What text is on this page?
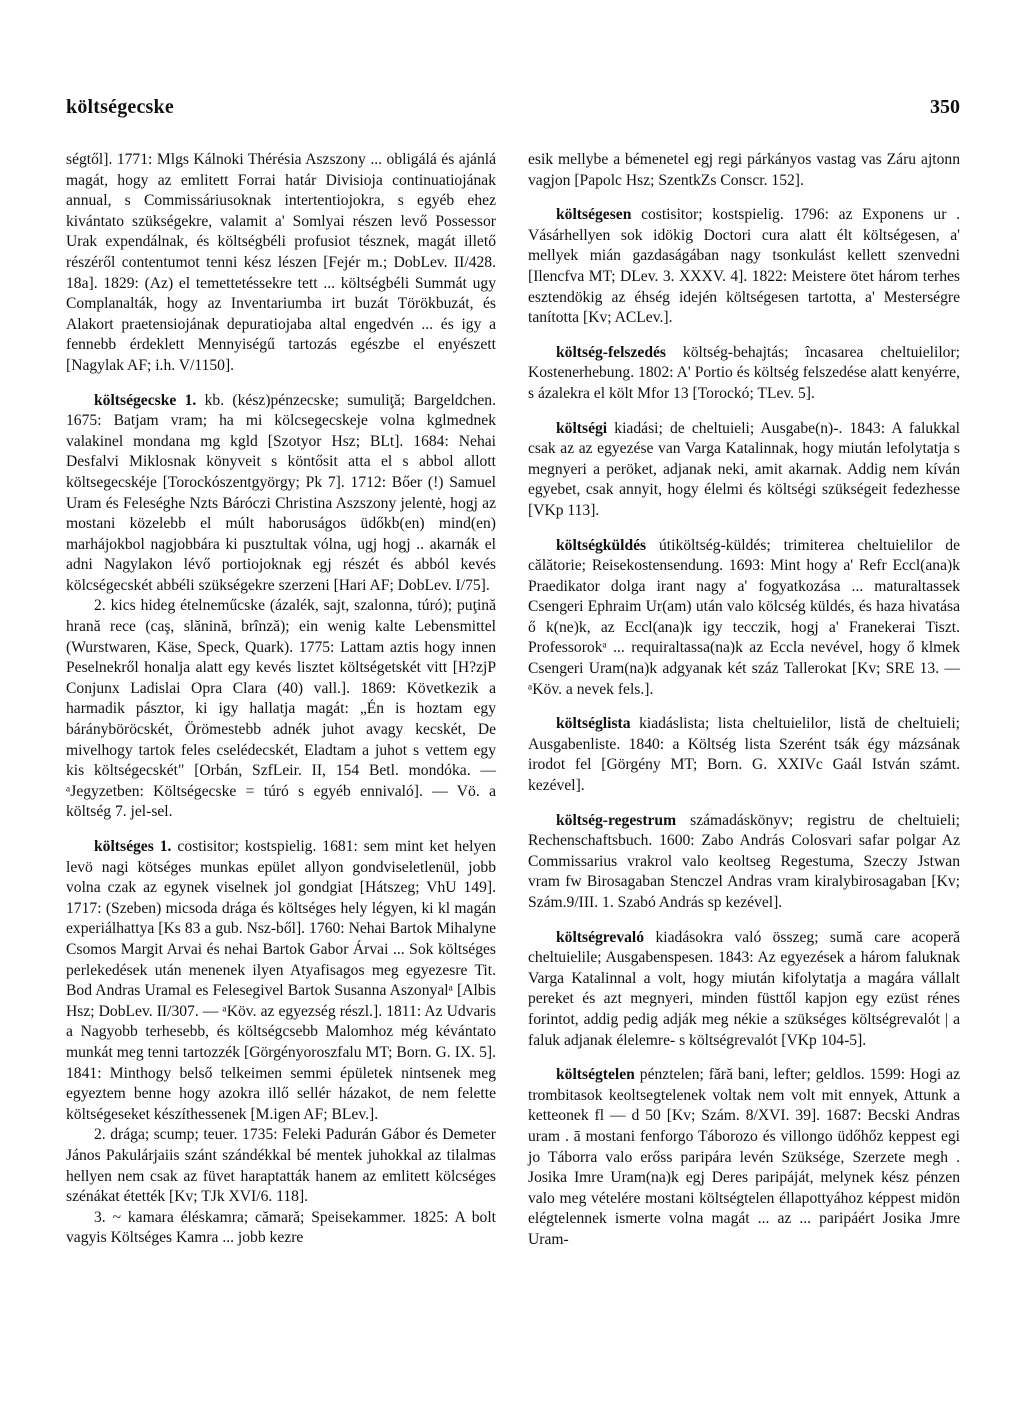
költségecske	350

ségtől]. 1771: Mlgs Kálnoki Thérésia Aszszony ... obligálá és ajánlá magát, hogy az emlitett Forrai határ Divisioja continuatiojának annual, s Commissáriusoknak intertentiojokra, s egyéb ehez kivántato szükségekre, valamit a' Somlyai részen levő Possessor Urak expendálnak, és költségbéli profusiot tésznek, magát illető részéről contentumot tenni kész lészen [Fejér m.; DobLev. II/428. 18a]. 1829: (Az) el temettetéssekre tett ... költségbéli Summát ugy Complanalták, hogy az Inventariumba irt buzát Törökbuzát, és Alakort praetensiojának depuratiojaba altal engedvén ... és igy a fennebb érdeklett Mennyiségű tartozás egészbe el enyészett [Nagylak AF; i.h. V/1150].

költségecske 1. kb. (kész)pénzecske; sumuliţă; Bargeldchen. 1675: Batjam vram; ha mi kölcsegecskeje volna kglmednek valakinel mondana mg kgld [Szotyor Hsz; BLt]. 1684: Nehai Desfalvi Miklosnak könyveit s köntősit atta el s abbol allott költsegecskéje [Torockószentgyörgy; Pk 7]. 1712: Bőer (!) Samuel Uram és Feleséghe Nzts Báróczi Christina Aszszony jelentė, hogj az mostani közelebb el múlt haboruságos üdőkb(en) mind(en) marhájokbol nagjobbára ki pusztultak vólna, ugj hogj .. akarnák el adni Nagylakon lévő portiojoknak egj részét és abból kevés kölcségecskét abbéli szükségekre szerzeni [Hari AF; DobLev. I/75].

2. kics hideg ételneműcske (ázalék, sajt, szalonna, túró); puţină hrană rece (caş, slănină, brînză); ein wenig kalte Lebensmittel (Wurstwaren, Käse, Speck, Quark). 1775: Lattam aztis hogy innen Peselnekről honalja alatt egy kevés lisztet költségetskét vitt [H?zjP Conjunx Ladislai Opra Clara (40) vall.]. 1869: Következik a harmadik pásztor, ki igy hallatja magát: „Én is hoztam egy bárányböröcskét, Örömestebb adnék juhot avagy kecskét, De mivelhogy tartok feles cselédecskét, Eladtam a juhot s vettem egy kis költségecskét" [Orbán, SzfLeir. II, 154 Betl. mondóka. — ᵃJegyzetben: Költségecske = túró s egyéb ennivaló]. — Vö. a költség 7. jel-sel.

költséges 1. costisitor; kostspielig. 1681: sem mint ket helyen levö nagi kötséges munkas epület allyon gondviseletlenül, jobb volna czak az egynek viselnek jol gondgiat [Hátszeg; VhU 149]. 1717: (Szeben) micsoda drága és költséges hely légyen, ki kl magán experiálhattya [Ks 83 a gub. Nsz-ből]. 1760: Nehai Bartok Mihalyne Csomos Margit Arvai és nehai Bartok Gabor Árvai ... Sok költséges perlekedések után menenek ilyen Atyafisagos meg egyezesre Tit. Bod Andras Uramal es Felesegivel Bartok Susanna Aszonyalᵃ [Albis Hsz; DobLev. II/307. — ᵃKöv. az egyezség részl.]. 1811: Az Udvaris a Nagyobb terhesebb, és költségcsebb Malomhoz még kévántato munkát meg tenni tartozzék [Görgényoroszfalu MT; Born. G. IX. 5]. 1841: Minthogy belső telkeimen semmi épületek nintsenek meg egyeztem benne hogy azokra illő sellér házakot, de nem felette költségeseket készíthessenek [M.igen AF; BLev.].

2. drága; scump; teuer. 1735: Feleki Padurán Gábor és Demeter János Pakulárjaiis szánt szándékkal bé mentek juhokkal az tilalmas hellyen nem csak az füvet haraptatták hanem az emlitett kölcséges szénákat étették [Kv; TJk XVI/6. 118].

3. ~ kamara éléskamra; cămară; Speisekammer. 1825: A bolt vagyis Költséges Kamra ... jobb kezre

esik mellybe a bémenetel egj regi párkányos vastag vas Záru ajtonn vagjon [Papolc Hsz; SzentkZs Conscr. 152].

költségesen costisitor; kostspielig. 1796: az Exponens ur . Vásárhellyen sok idökig Doctori cura alatt élt költségesen, a' mellyek mián gazdaságában nagy tsonkulást kellett szenvedni [Ilencfva MT; DLev. 3. XXXV. 4]. 1822: Meistere ötet három terhes esztendökig az éhség idején költségesen tartotta, a' Mesterségre tanította [Kv; ACLev.].

költség-felszedés költség-behajtás; încasarea cheltuielilor; Kostenerhebung. 1802: A' Portio és költség felszedése alatt kenyérre, s ázalekra el költ Mfor 13 [Torockó; TLev. 5].

költségi kiadási; de cheltuieli; Ausgabe(n)-. 1843: A falukkal csak az az egyezése van Varga Katalinnak, hogy miután lefolytatja s megnyeri a peröket, adjanak neki, amit akarnak. Addig nem kíván egyebet, csak annyit, hogy élelmi és költségi szükségeit fedezhesse [VKp 113].

költségküldés útiköltség-küldés; trimiterea cheltuielilor de călătorie; Reisekostensendung. 1693: Mint hogy a' Refr Eccl(ana)k Praedikator dolga irant nagy a' fogyatkozása ... maturaltassek Csengeri Ephraim Ur(am) után valo kölcség küldés, és haza hivatása ő k(ne)k, az Eccl(ana)k igy tecczik, hogj a' Franekerai Tiszt. Professorokᵃ ... requiraltassa(na)k az Eccla nevével, hogy ő klmek Csengeri Uram(na)k adgyanak két száz Tallerokat [Kv; SRE 13. — ᵃKöv. a nevek fels.].

költséglista kiadáslista; lista cheltuielilor, listă de cheltuieli; Ausgabenliste. 1840: a Költség lista Szerént tsák égy mázsának irodot fel [Görgény MT; Born. G. XXIVc Gaál István számt. kezével].

költség-regestrum számadáskönyv; registru de cheltuieli; Rechenschaftsbuch. 1600: Zabo András Colosvari safar polgar Az Commissarius vrakrol valo keoltseg Regestuma, Szeczy Jstwan vram fw Birosagaban Stenczel Andras vram kiralybirosagaban [Kv; Szám.9/III. 1. Szabó András sp kezével].

költségrevaló kiadásokra való összeg; sumă care acoperă cheltuielile; Ausgabenspesen. 1843: Az egyezések a három faluknak Varga Katalinnal a volt, hogy miután kifolytatja a magára vállalt pereket és azt megnyeri, minden füsttől kapjon egy ezüst rénes forintot, addig pedig adják meg nékie a szükséges költségrevalót | a faluk adjanak élelemre- s költségrevalót [VKp 104-5].

költségtelen pénztelen; fără bani, lefter; geldlos. 1599: Hogi az trombitasok keoltsegtelenek voltak nem volt mit ennyek, Attunk a ketteonek fl — d 50 [Kv; Szám. 8/XVI. 39]. 1687: Becski Andras uram . ā mostani fenforgo Táborozo és villongo üdőhőz keppest egi jo Táborra valo erőss paripára levén Szüksége, Szerzete megh . Josika Imre Uram(na)k egj Deres paripáját, melynek kész pénzen valo meg vételére mostani költségtelen éllapottyához képpest midön elégtelennek ismerte volna magát ... az ... paripáért Josika Jmre Uram-
